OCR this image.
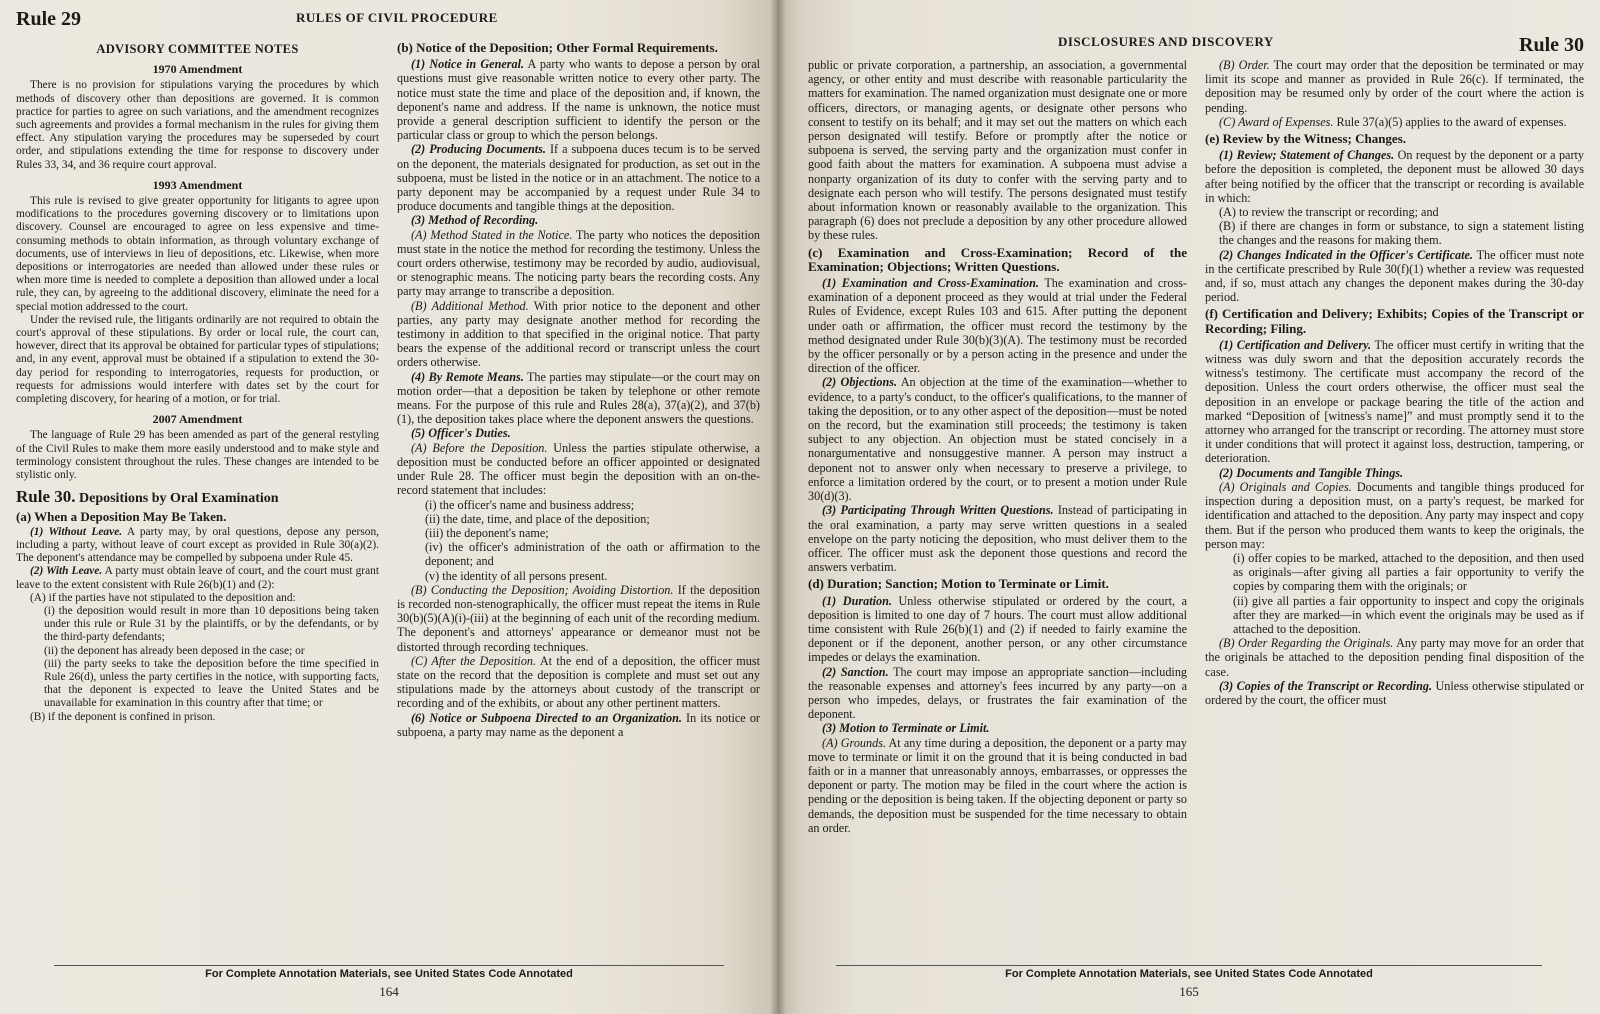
Rule 29	RULES OF CIVIL PROCEDURE
ADVISORY COMMITTEE NOTES
1970 Amendment

There is no provision for stipulations varying the procedures by which methods of discovery other than depositions are governed. It is common practice for parties to agree on such variations, and the amendment recognizes such agreements and provides a formal mechanism in the rules for giving them effect. Any stipulation varying the procedures may be superseded by court order, and stipulations extending the time for response to discovery under Rules 33, 34, and 36 require court approval.

1993 Amendment

This rule is revised to give greater opportunity for litigants to agree upon modifications to the procedures governing discovery or to limitations upon discovery. Counsel are encouraged to agree on less expensive and time-consuming methods to obtain information, as through voluntary exchange of documents, use of interviews in lieu of depositions, etc. Likewise, when more depositions or interrogatories are needed than allowed under these rules or when more time is needed to complete a deposition than allowed under a local rule, they can, by agreeing to the additional discovery, eliminate the need for a special motion addressed to the court.

Under the revised rule, the litigants ordinarily are not required to obtain the court's approval of these stipulations. By order or local rule, the court can, however, direct that its approval be obtained for particular types of stipulations; and, in any event, approval must be obtained if a stipulation to extend the 30-day period for responding to interrogatories, requests for production, or requests for admissions would interfere with dates set by the court for completing discovery, for hearing of a motion, or for trial.

2007 Amendment

The language of Rule 29 has been amended as part of the general restyling of the Civil Rules to make them more easily understood and to make style and terminology consistent throughout the rules. These changes are intended to be stylistic only.

Rule 30. Depositions by Oral Examination
(a) When a Deposition May Be Taken.

(1) Without Leave. A party may, by oral questions, depose any person, including a party, without leave of court except as provided in Rule 30(a)(2). The deponent's attendance may be compelled by subpoena under Rule 45.

(2) With Leave. A party must obtain leave of court, and the court must grant leave to the extent consistent with Rule 26(b)(1) and (2):

(A) if the parties have not stipulated to the deposition and:

(i) the deposition would result in more than 10 depositions being taken under this rule or Rule 31 by the plaintiffs, or by the defendants, or by the third-party defendants;

(ii) the deponent has already been deposed in the case; or

(iii) the party seeks to take the deposition before the time specified in Rule 26(d), unless the party certifies in the notice, with supporting facts, that the deponent is expected to leave the United States and be unavailable for examination in this country after that time; or

(B) if the deponent is confined in prison.

(b) Notice of the Deposition; Other Formal Requirements.

(1) Notice in General. A party who wants to depose a person by oral questions must give reasonable written notice to every other party. The notice must state the time and place of the deposition and, if known, the deponent's name and address. If the name is unknown, the notice must provide a general description sufficient to identify the person or the particular class or group to which the person belongs.

(2) Producing Documents. If a subpoena duces tecum is to be served on the deponent, the materials designated for production, as set out in the subpoena, must be listed in the notice or in an attachment. The notice to a party deponent may be accompanied by a request under Rule 34 to produce documents and tangible things at the deposition.

(3) Method of Recording.

(A) Method Stated in the Notice. The party who notices the deposition must state in the notice the method for recording the testimony. Unless the court orders otherwise, testimony may be recorded by audio, audiovisual, or stenographic means. The noticing party bears the recording costs. Any party may arrange to transcribe a deposition.

(B) Additional Method. With prior notice to the deponent and other parties, any party may designate another method for recording the testimony in addition to that specified in the original notice. That party bears the expense of the additional record or transcript unless the court orders otherwise.

(4) By Remote Means. The parties may stipulate—or the court may on motion order—that a deposition be taken by telephone or other remote means. For the purpose of this rule and Rules 28(a), 37(a)(2), and 37(b)(1), the deposition takes place where the deponent answers the questions.

(5) Officer's Duties.

(A) Before the Deposition. Unless the parties stipulate otherwise, a deposition must be conducted before an officer appointed or designated under Rule 28. The officer must begin the deposition with an on-the-record statement that includes:

(i) the officer's name and business address;

(ii) the date, time, and place of the deposition;

(iii) the deponent's name;

(iv) the officer's administration of the oath or affirmation to the deponent; and

(v) the identity of all persons present.

(B) Conducting the Deposition; Avoiding Distortion. If the deposition is recorded non-stenographically, the officer must repeat the items in Rule 30(b)(5)(A)(i)-(iii) at the beginning of each unit of the recording medium. The deponent's and attorneys' appearance or demeanor must not be distorted through recording techniques.

(C) After the Deposition. At the end of a deposition, the officer must state on the record that the deposition is complete and must set out any stipulations made by the attorneys about custody of the transcript or recording and of the exhibits, or about any other pertinent matters.

(6) Notice or Subpoena Directed to an Organization. In its notice or subpoena, a party may name as the deponent a

For Complete Annotation Materials, see United States Code Annotated
164
DISCLOSURES AND DISCOVERY	Rule 30

public or private corporation, a partnership, an association, a governmental agency, or other entity and must describe with reasonable particularity the matters for examination. The named organization must designate one or more officers, directors, or managing agents, or designate other persons who consent to testify on its behalf; and it may set out the matters on which each person designated will testify. Before or promptly after the notice or subpoena is served, the serving party and the organization must confer in good faith about the matters for examination. A subpoena must advise a nonparty organization of its duty to confer with the serving party and to designate each person who will testify. The persons designated must testify about information known or reasonably available to the organization. This paragraph (6) does not preclude a deposition by any other procedure allowed by these rules.

(c) Examination and Cross-Examination; Record of the Examination; Objections; Written Questions.

(1) Examination and Cross-Examination. The examination and cross-examination of a deponent proceed as they would at trial under the Federal Rules of Evidence, except Rules 103 and 615. After putting the deponent under oath or affirmation, the officer must record the testimony by the method designated under Rule 30(b)(3)(A). The testimony must be recorded by the officer personally or by a person acting in the presence and under the direction of the officer.

(2) Objections. An objection at the time of the examination—whether to evidence, to a party's conduct, to the officer's qualifications, to the manner of taking the deposition, or to any other aspect of the deposition—must be noted on the record, but the examination still proceeds; the testimony is taken subject to any objection. An objection must be stated concisely in a nonargumentative and nonsuggestive manner. A person may instruct a deponent not to answer only when necessary to preserve a privilege, to enforce a limitation ordered by the court, or to present a motion under Rule 30(d)(3).

(3) Participating Through Written Questions. Instead of participating in the oral examination, a party may serve written questions in a sealed envelope on the party noticing the deposition, who must deliver them to the officer. The officer must ask the deponent those questions and record the answers verbatim.

(d) Duration; Sanction; Motion to Terminate or Limit.

(1) Duration. Unless otherwise stipulated or ordered by the court, a deposition is limited to one day of 7 hours. The court must allow additional time consistent with Rule 26(b)(1) and (2) if needed to fairly examine the deponent or if the deponent, another person, or any other circumstance impedes or delays the examination.

(2) Sanction. The court may impose an appropriate sanction—including the reasonable expenses and attorney's fees incurred by any party—on a person who impedes, delays, or frustrates the fair examination of the deponent.

(3) Motion to Terminate or Limit.

(A) Grounds. At any time during a deposition, the deponent or a party may move to terminate or limit it on the ground that it is being conducted in bad faith or in a manner that unreasonably annoys, embarrasses, or oppresses the deponent or party. The motion may be filed in the court where the action is pending or the deposition is being taken. If the objecting deponent or party so demands, the deposition must be suspended for the time necessary to obtain an order.

(B) Order. The court may order that the deposition be terminated or may limit its scope and manner as provided in Rule 26(c). If terminated, the deposition may be resumed only by order of the court where the action is pending.

(C) Award of Expenses. Rule 37(a)(5) applies to the award of expenses.

(e) Review by the Witness; Changes.

(1) Review; Statement of Changes. On request by the deponent or a party before the deposition is completed, the deponent must be allowed 30 days after being notified by the officer that the transcript or recording is available in which:

(A) to review the transcript or recording; and

(B) if there are changes in form or substance, to sign a statement listing the changes and the reasons for making them.

(2) Changes Indicated in the Officer's Certificate. The officer must note in the certificate prescribed by Rule 30(f)(1) whether a review was requested and, if so, must attach any changes the deponent makes during the 30-day period.

(f) Certification and Delivery; Exhibits; Copies of the Transcript or Recording; Filing.

(1) Certification and Delivery. The officer must certify in writing that the witness was duly sworn and that the deposition accurately records the witness's testimony. The certificate must accompany the record of the deposition. Unless the court orders otherwise, the officer must seal the deposition in an envelope or package bearing the title of the action and marked “Deposition of [witness's name]” and must promptly send it to the attorney who arranged for the transcript or recording. The attorney must store it under conditions that will protect it against loss, destruction, tampering, or deterioration.

(2) Documents and Tangible Things.

(A) Originals and Copies. Documents and tangible things produced for inspection during a deposition must, on a party's request, be marked for identification and attached to the deposition. Any party may inspect and copy them. But if the person who produced them wants to keep the originals, the person may:

(i) offer copies to be marked, attached to the deposition, and then used as originals—after giving all parties a fair opportunity to verify the copies by comparing them with the originals; or

(ii) give all parties a fair opportunity to inspect and copy the originals after they are marked—in which event the originals may be used as if attached to the deposition.

(B) Order Regarding the Originals. Any party may move for an order that the originals be attached to the deposition pending final disposition of the case.

(3) Copies of the Transcript or Recording. Unless otherwise stipulated or ordered by the court, the officer must

For Complete Annotation Materials, see United States Code Annotated
165
